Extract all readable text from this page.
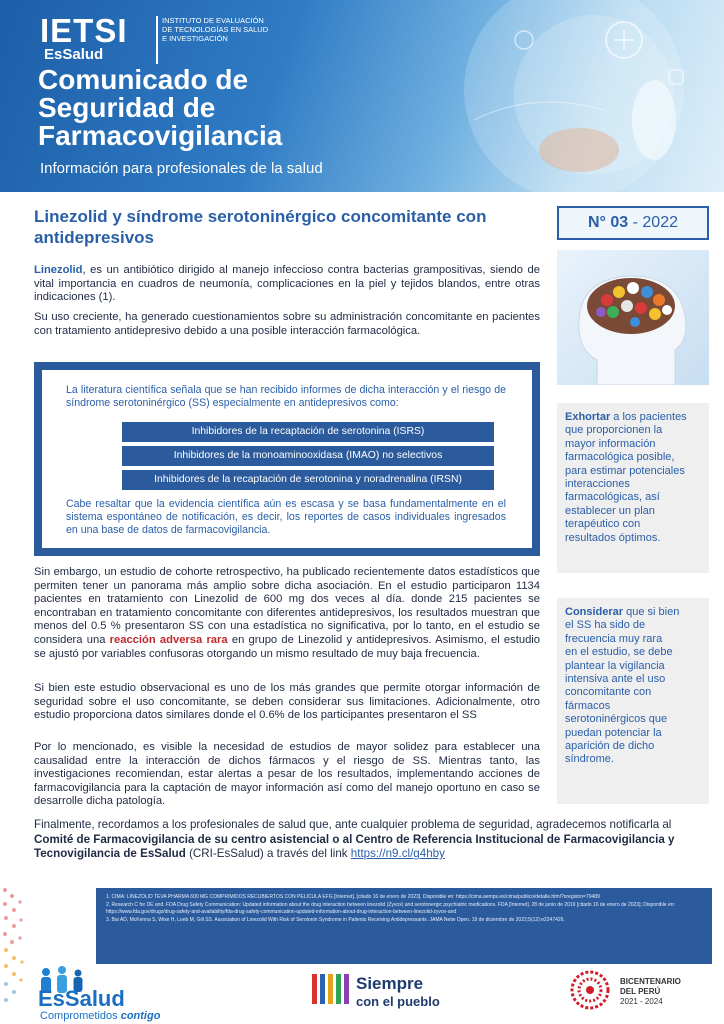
IETSI
EsSalud
INSTITUTO DE EVALUACIÓN DE TECNOLOGÍAS EN SALUD E INVESTIGACIÓN
Comunicado de
Seguridad de
Farmacovigilancia
Información para profesionales de la salud
Linezolid y síndrome serotoninérgico concomitante con antidepresivos
Linezolid, es un antibiótico dirigido al manejo infeccioso contra bacterias grampositivas, siendo de vital importancia en cuadros de neumonía, complicaciones en la piel y tejidos blandos, entre otras indicaciones (1).
Su uso creciente, ha generado cuestionamientos sobre su administración concomitante en pacientes con tratamiento antidepresivo debido a una posible interacción farmacológica.
La literatura científica señala que se han recibido informes de dicha interacción y el riesgo de síndrome serotoninérgico (SS) especialmente en antidepresivos como:
Inhibidores de la recaptación de serotonina (ISRS)
Inhibidores de la monoaminooxidasa (IMAO) no selectivos
Inhibidores de la recaptación de serotonina y noradrenalina (IRSN)
Cabe resaltar que la evidencia científica aún es escasa y se basa fundamentalmente en el sistema espontáneo de notificación, es decir, los reportes de casos individuales ingresados en una base de datos de farmacovigilancia.
Sin embargo, un estudio de cohorte retrospectivo, ha publicado recientemente datos estadísticos que permiten tener un panorama más amplio sobre dicha asociación. En el estudio participaron 1134 pacientes en tratamiento con Linezolid de 600 mg dos veces al día. donde 215 pacientes se encontraban en tratamiento concomitante con diferentes antidepresivos, los resultados muestran que menos del 0.5 % presentaron SS con una estadística no significativa, por lo tanto, en el estudio se considera una reacción adversa rara en grupo de Linezolid y antidepresivos. Asimismo, el estudio se ajustó por variables confusoras otorgando un mismo resultado de muy baja frecuencia.
Si bien este estudio observacional es uno de los más grandes que permite otorgar información de seguridad sobre el uso concomitante, se deben considerar sus limitaciones. Adicionalmente, otro estudio proporciona datos similares donde el 0.6% de los participantes presentaron el SS
Por lo mencionado, es visible la necesidad de estudios de mayor solidez para establecer una causalidad entre la interacción de dichos fármacos y el riesgo de SS. Mientras tanto, las investigaciones recomiendan, estar alertas a pesar de los resultados, implementando acciones de farmacovigilancia para la captación de mayor información así como del manejo oportuno en caso se desarrolle dicha patología.
N° 03 - 2022
Exhortar a los pacientes
que proporcionen la
mayor información
farmacológica posible,
para estimar potenciales
interacciones
farmacológicas, así
establecer un plan
terapéutico con
resultados óptimos.
Considerar que si bien
el SS ha sido de
frecuencia muy rara
en el estudio, se debe
plantear la vigilancia
intensiva ante el uso
concomitante con
fármacos
serotoninérgicos que
puedan potenciar la
aparición de dicho
síndrome.
Finalmente, recordamos a los profesionales de salud que, ante cualquier problema de seguridad, agradecemos notificarla al Comité de Farmacovigilancia de su centro asistencial o al Centro de Referencia Institucional de Farmacovigilancia y Tecnovigilancia de EsSalud (CRI-EsSalud) a través del link https://n9.cl/g4hby
1. CIMA: LINEZOLID TEVA PHARMA 600 MG COMPRIMIDOS RECUBIERTOS CON PELICULA EFG [Internet]. [citado 16 de enero de 2023]. Disponible en: https://cima.aemps.es/cima/publico/detalle.html?nregistro=79489
2. Research C for DE and. FDA Drug Safety Communication: Updated information about the drug interaction between linezolid (Zyvox) and serotonergic psychiatric medications. FDA [Internet]. 28 de junio de 2019 [citado 16 de enero de 2023]; Disponible en: https://www.fda.gov/drugs/drug-safety-and-availability/fda-drug-safety-communication-updated-information-about-drug-interaction-between-linezolid-zyvox-and
3. Bai AD, McKenna S, Wise H, Loeb M, Gill SS. Association of Linezolid With Risk of Serotonin Syndrome in Patients Receiving Antidepressants. JAMA Netw Open. 19 de diciembre de 2022;5(12):e2247426.
EsSalud
Comprometidos contigo
Siempre
con el pueblo
BICENTENARIO
DEL PERÚ
2021 - 2024
